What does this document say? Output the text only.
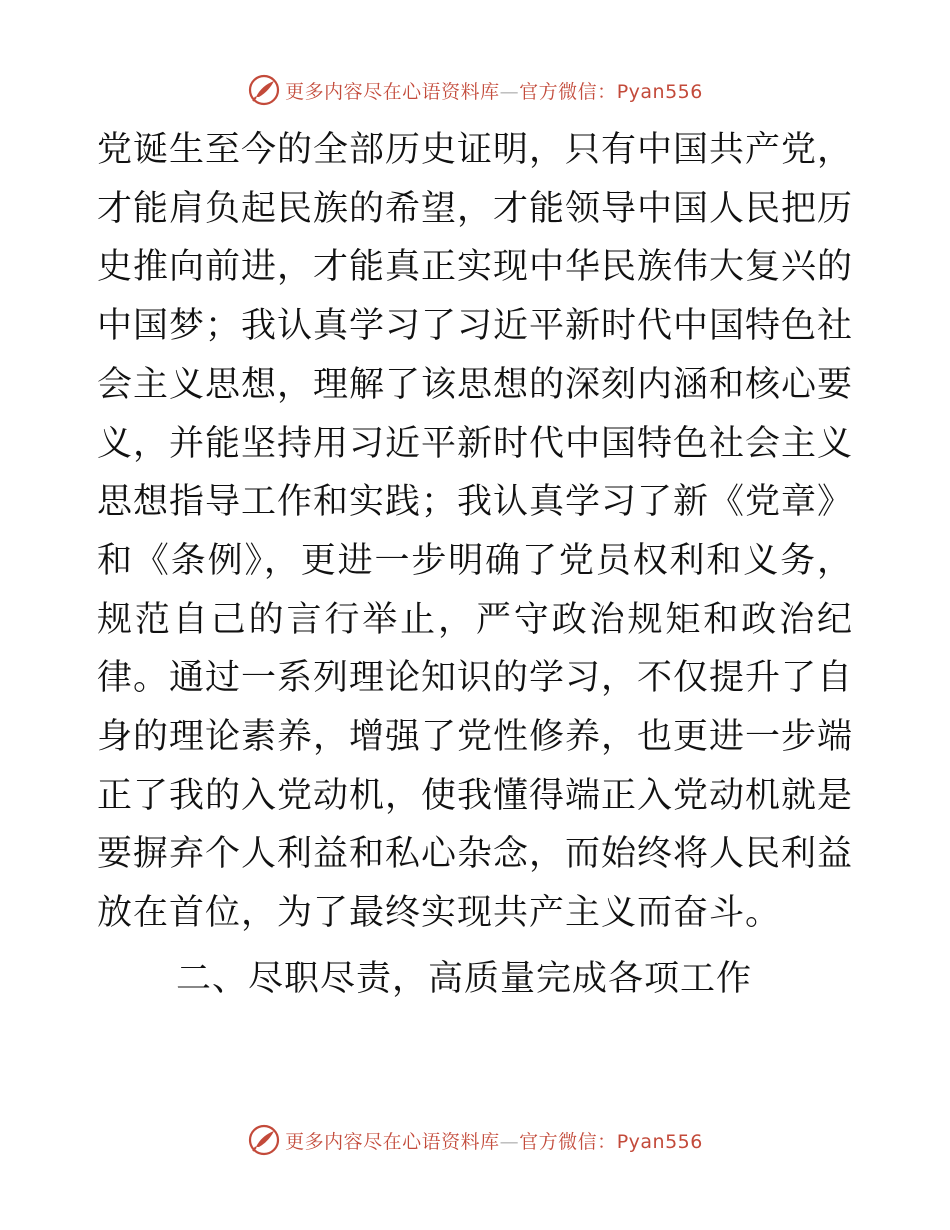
更多内容尽在心语资料库—官方微信：Pyan556

党诞生至今的全部历史证明，只有中国共产党，才能肩负起民族的希望，才能领导中国人民把历史推向前进，才能真正实现中华民族伟大复兴的中国梦；我认真学习了习近平新时代中国特色社会主义思想，理解了该思想的深刻内涵和核心要义，并能坚持用习近平新时代中国特色社会主义思想指导工作和实践；我认真学习了新《党章》和《条例》，更进一步明确了党员权利和义务，规范自己的言行举止，严守政治规矩和政治纪律。通过一系列理论知识的学习，不仅提升了自身的理论素养，增强了党性修养，也更进一步端正了我的入党动机，使我懂得端正入党动机就是要摒弃个人利益和私心杂念，而始终将人民利益放在首位，为了最终实现共产主义而奋斗。

二、尽职尽责，高质量完成各项工作
更多内容尽在心语资料库—官方微信：Pyan556
